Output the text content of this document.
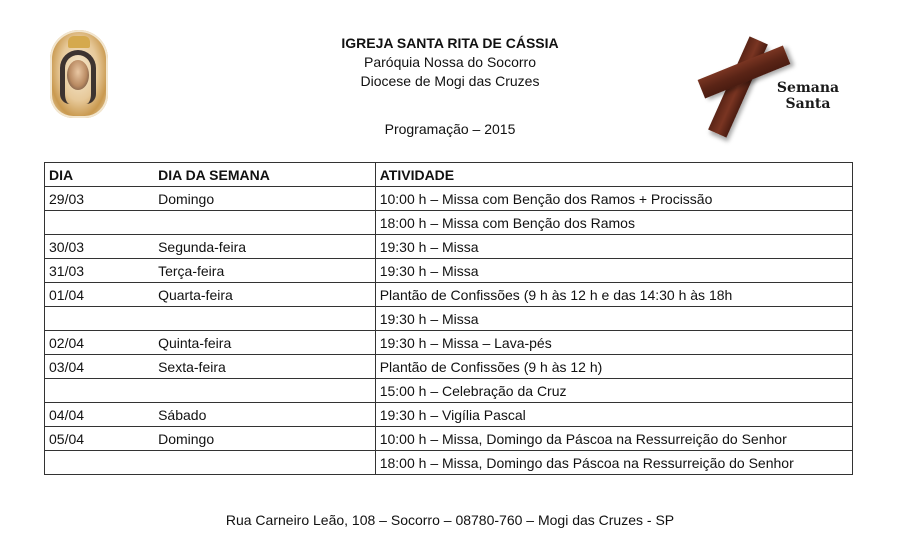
IGREJA SANTA RITA DE CÁSSIA
Paróquia Nossa do Socorro
Diocese de Mogi das Cruzes
Programação – 2015
Semana
Santa
DIA	DIA DA SEMANA	ATIVIDADE
29/03	Domingo	10:00 h – Missa com Benção dos Ramos + Procissão
		18:00 h – Missa com Benção dos Ramos
30/03	Segunda-feira	19:30 h – Missa
31/03	Terça-feira	19:30 h – Missa
01/04	Quarta-feira	Plantão de Confissões (9 h às 12 h e das 14:30 h às 18h
		19:30 h – Missa
02/04	Quinta-feira	19:30 h – Missa – Lava-pés
03/04	Sexta-feira	Plantão de Confissões (9 h às 12 h)
		15:00 h – Celebração da Cruz
04/04	Sábado	19:30 h – Vigília Pascal
05/04	Domingo	10:00 h – Missa, Domingo da Páscoa na Ressurreição do Senhor
		18:00 h – Missa, Domingo das Páscoa na Ressurreição do Senhor
Rua Carneiro Leão, 108 – Socorro – 08780-760 – Mogi das Cruzes - SP
